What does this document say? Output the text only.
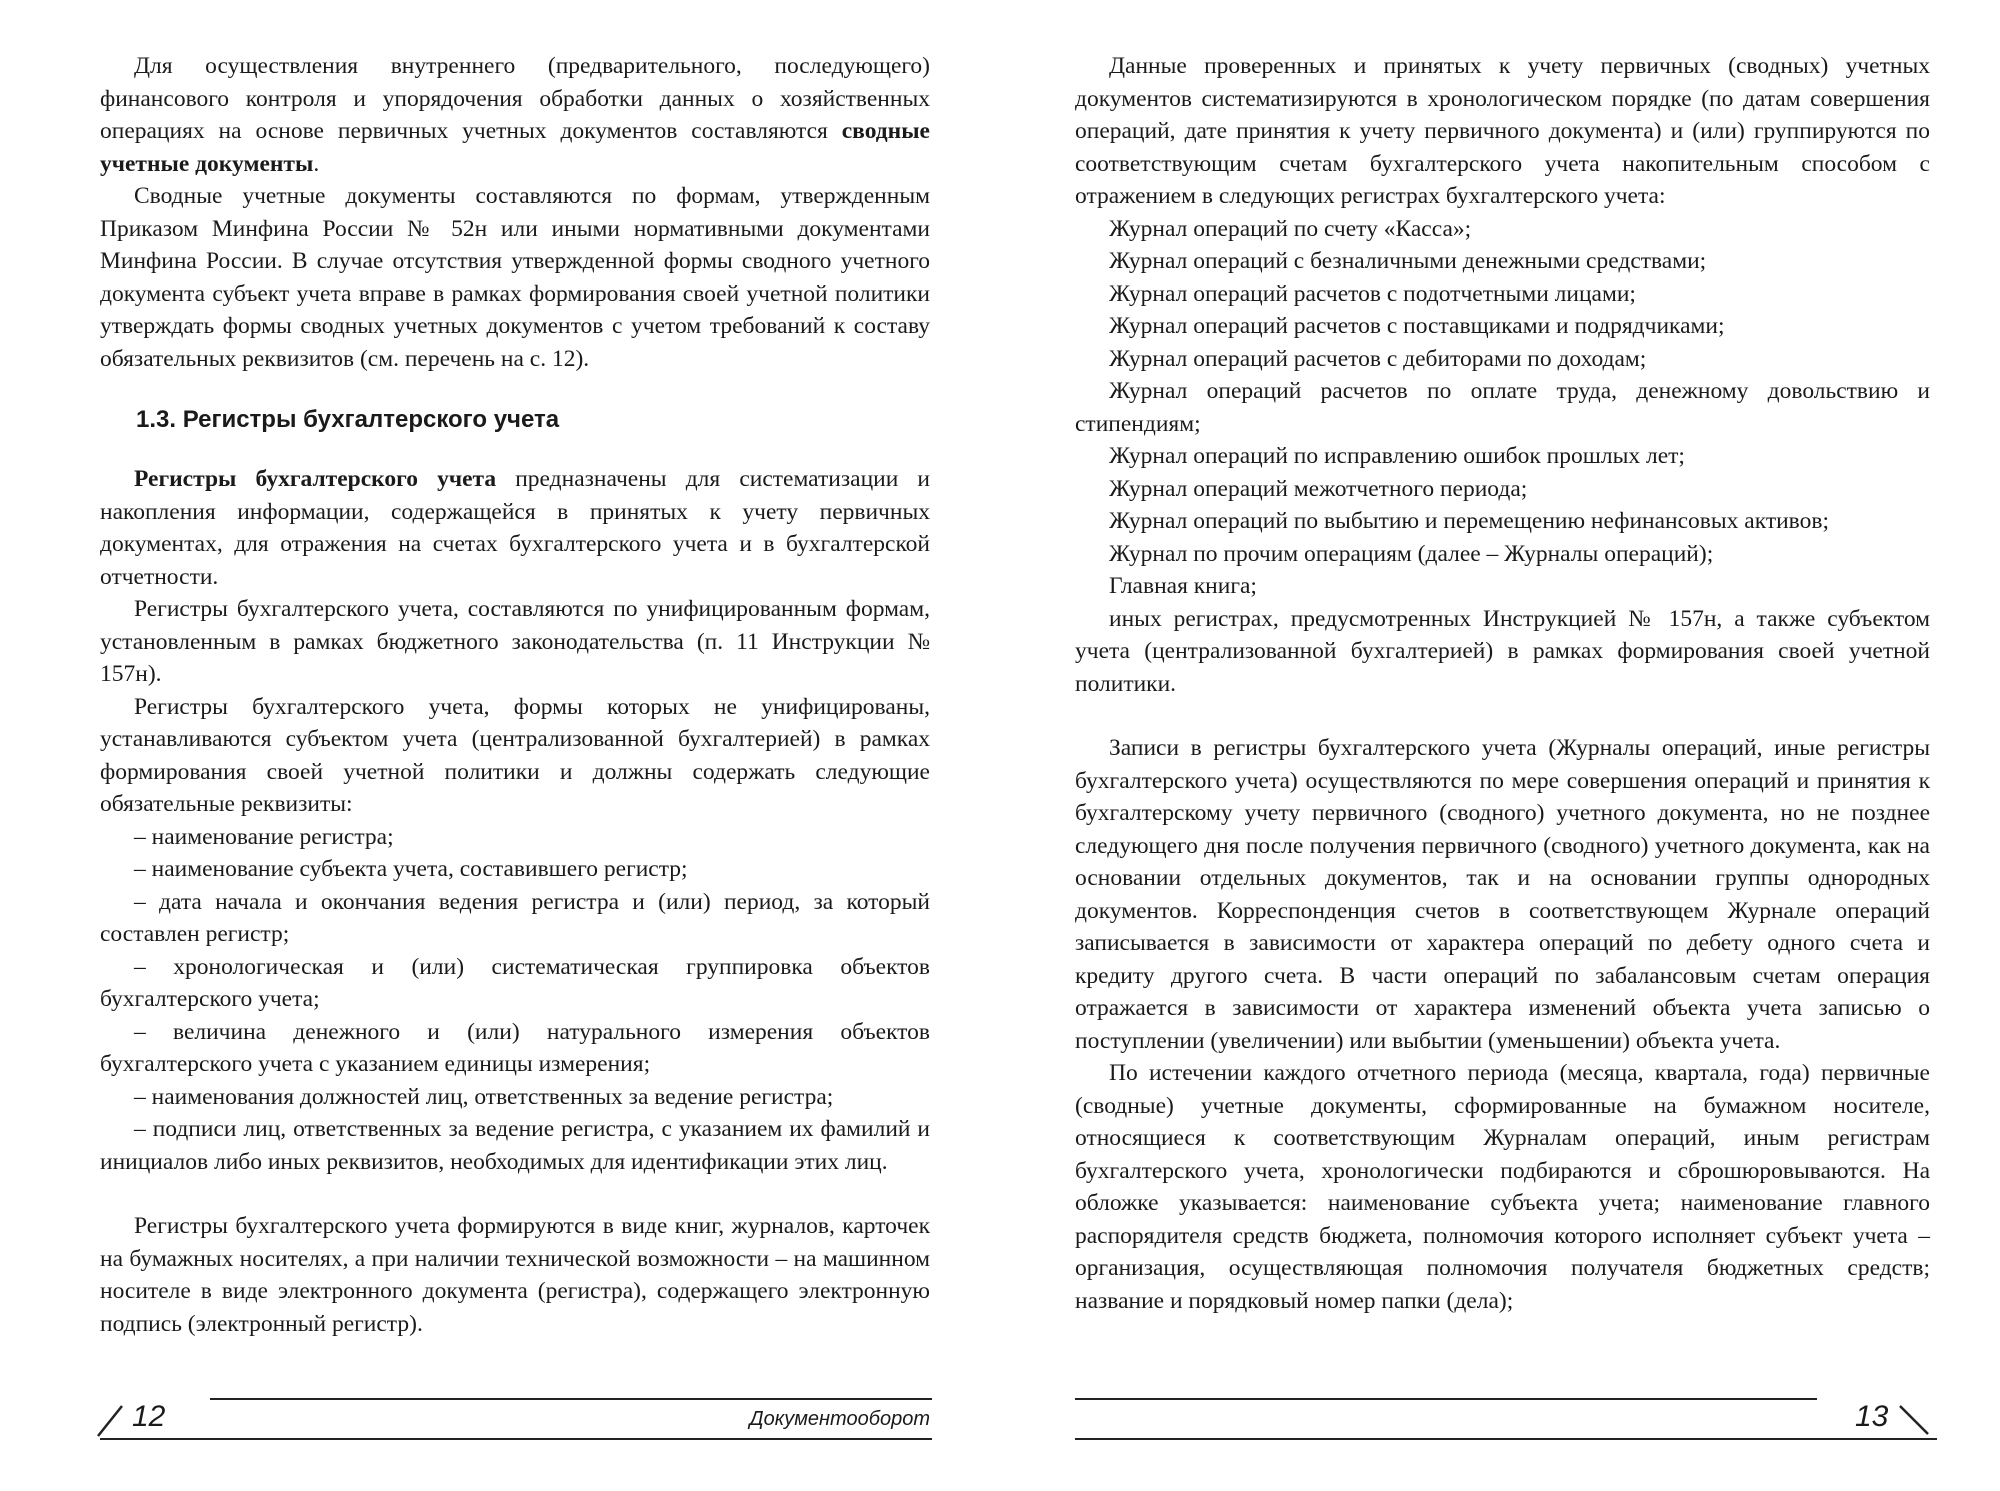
Для осуществления внутреннего (предварительного, последующего) финансового контроля и упорядочения обработки данных о хозяйственных операциях на основе первичных учетных документов составляются сводные учетные документы.

Сводные учетные документы составляются по формам, утвержденным Приказом Минфина России № 52н или иными нормативными документами Минфина России. В случае отсутствия утвержденной формы сводного учетного документа субъект учета вправе в рамках формирования своей учетной политики утверждать формы сводных учетных документов с учетом требований к составу обязательных реквизитов (см. перечень на с. 12).

1.3. Регистры бухгалтерского учета

Регистры бухгалтерского учета предназначены для систематизации и накопления информации, содержащейся в принятых к учету первичных документах, для отражения на счетах бухгалтерского учета и в бухгалтерской отчетности.

Регистры бухгалтерского учета, составляются по унифицированным формам, установленным в рамках бюджетного законодательства (п. 11 Инструкции № 157н).

Регистры бухгалтерского учета, формы которых не унифицированы, устанавливаются субъектом учета (централизованной бухгалтерией) в рамках формирования своей учетной политики и должны содержать следующие обязательные реквизиты:

– наименование регистра;

– наименование субъекта учета, составившего регистр;

– дата начала и окончания ведения регистра и (или) период, за который составлен регистр;

– хронологическая и (или) систематическая группировка объектов бухгалтерского учета;

– величина денежного и (или) натурального измерения объектов бухгалтерского учета с указанием единицы измерения;

– наименования должностей лиц, ответственных за ведение регистра;

– подписи лиц, ответственных за ведение регистра, с указанием их фамилий и инициалов либо иных реквизитов, необходимых для идентификации этих лиц.

Регистры бухгалтерского учета формируются в виде книг, журналов, карточек на бумажных носителях, а при наличии технической возможности – на машинном носителе в виде электронного документа (регистра), содержащего электронную подпись (электронный регистр).

12	Документооборот

Данные проверенных и принятых к учету первичных (сводных) учетных документов систематизируются в хронологическом порядке (по датам совершения операций, дате принятия к учету первичного документа) и (или) группируются по соответствующим счетам бухгалтерского учета накопительным способом с отражением в следующих регистрах бухгалтерского учета:

Журнал операций по счету «Касса»;

Журнал операций с безналичными денежными средствами;

Журнал операций расчетов с подотчетными лицами;

Журнал операций расчетов с поставщиками и подрядчиками;

Журнал операций расчетов с дебиторами по доходам;

Журнал операций расчетов по оплате труда, денежному довольствию и стипендиям;

Журнал операций по исправлению ошибок прошлых лет;

Журнал операций межотчетного периода;

Журнал операций по выбытию и перемещению нефинансовых активов;

Журнал по прочим операциям (далее – Журналы операций);

Главная книга;

иных регистрах, предусмотренных Инструкцией № 157н, а также субъектом учета (централизованной бухгалтерией) в рамках формирования своей учетной политики.

Записи в регистры бухгалтерского учета (Журналы операций, иные регистры бухгалтерского учета) осуществляются по мере совершения операций и принятия к бухгалтерскому учету первичного (сводного) учетного документа, но не позднее следующего дня после получения первичного (сводного) учетного документа, как на основании отдельных документов, так и на основании группы однородных документов. Корреспонденция счетов в соответствующем Журнале операций записывается в зависимости от характера операций по дебету одного счета и кредиту другого счета. В части операций по забалансовым счетам операция отражается в зависимости от характера изменений объекта учета записью о поступлении (увеличении) или выбытии (уменьшении) объекта учета.

По истечении каждого отчетного периода (месяца, квартала, года) первичные (сводные) учетные документы, сформированные на бумажном носителе, относящиеся к соответствующим Журналам операций, иным регистрам бухгалтерского учета, хронологически подбираются и сброшюровываются. На обложке указывается: наименование субъекта учета; наименование главного распорядителя средств бюджета, полномочия которого исполняет субъект учета – организация, осуществляющая полномочия получателя бюджетных средств; название и порядковый номер папки (дела);

13
